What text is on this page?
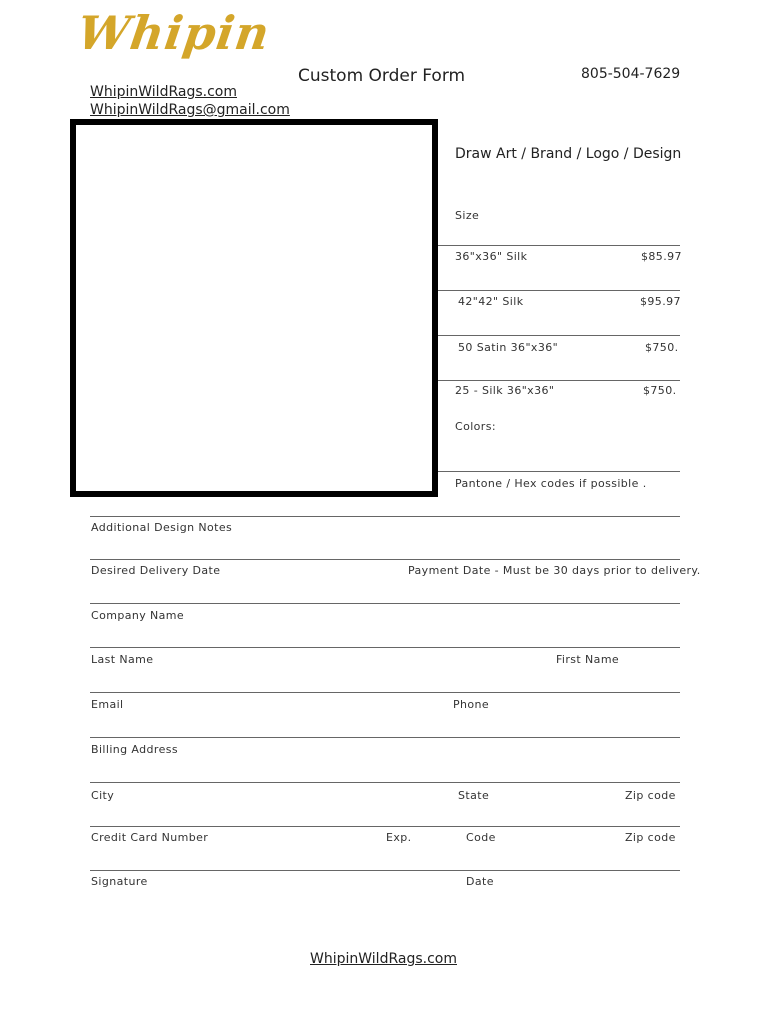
Whipin
WhipinWildRags.com
WhipinWildRags@gmail.com
Custom Order Form	805-504-7629
Draw Art / Brand / Logo / Design
Size
36"x36" Silk	$85.97
42"42" Silk	$95.97
50 Satin 36"x36"	$750.
25 - Silk 36"x36"	$750.
Colors:
Pantone / Hex codes if possible .
Additional Design Notes
Desired Delivery Date	Payment Date - Must be 30 days prior to delivery.
Company Name
Last Name	First Name
Email	Phone
Billing Address
City	State	Zip code
Credit Card Number	Exp.	Code	Zip code
Signature	Date
WhipinWildRags.com
